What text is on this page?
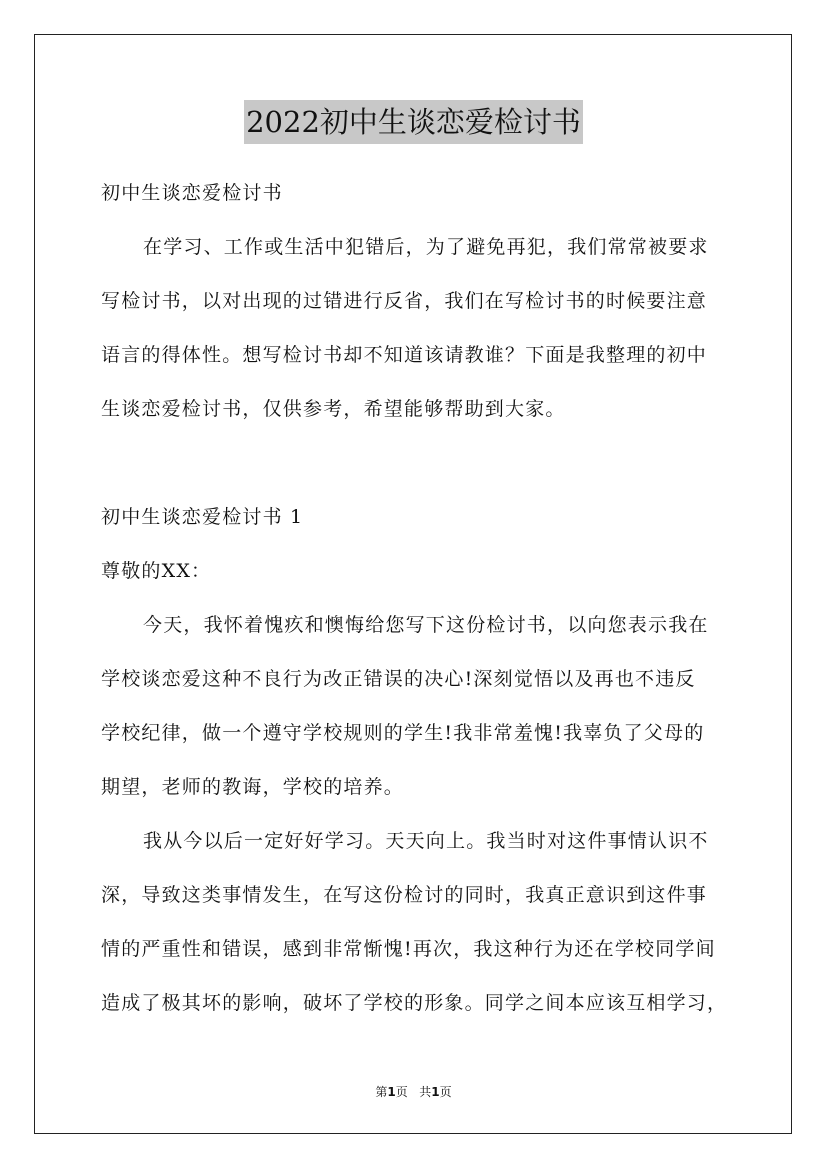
2022初中生谈恋爱检讨书
初中生谈恋爱检讨书
在学习、工作或生活中犯错后，为了避免再犯，我们常常被要求
写检讨书，以对出现的过错进行反省，我们在写检讨书的时候要注意
语言的得体性。想写检讨书却不知道该请教谁？下面是我整理的初中
生谈恋爱检讨书，仅供参考，希望能够帮助到大家。
初中生谈恋爱检讨书 1
尊敬的XX：
今天，我怀着愧疚和懊悔给您写下这份检讨书，以向您表示我在
学校谈恋爱这种不良行为改正错误的决心!深刻觉悟以及再也不违反
学校纪律，做一个遵守学校规则的学生!我非常羞愧!我辜负了父母的
期望，老师的教诲，学校的培养。
我从今以后一定好好学习。天天向上。我当时对这件事情认识不
深，导致这类事情发生，在写这份检讨的同时，我真正意识到这件事
情的严重性和错误，感到非常惭愧!再次，我这种行为还在学校同学间
造成了极其坏的影响，破坏了学校的形象。同学之间本应该互相学习，
第1页 共1页
